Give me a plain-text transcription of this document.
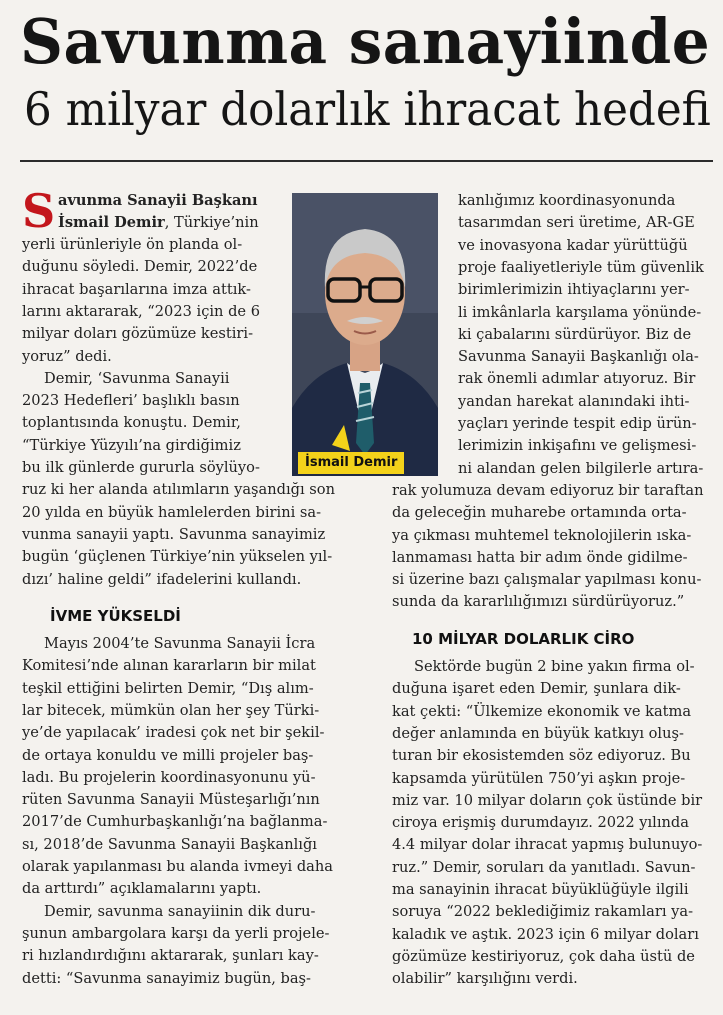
Savunma sanayiinde
6 milyar dolarlık ihracat hedefi
S avunma Sanayii Başkanı
İsmail Demir, Türkiye’nin
yerli ürünleriyle ön planda ol-
duğunu söyledi. Demir, 2022’de
ihracat başarılarına imza attık-
larını aktararak, “2023 için de 6
milyar doları gözümüze kestiri-
yoruz” dedi.
Demir, ‘Savunma Sanayii
2023 Hedefleri’ başlıklı basın
toplantısında konuştu. Demir,
“Türkiye Yüzyılı’na girdiğimiz
bu ilk günlerde gururla söylüyo-
ruz ki her alanda atılımların yaşandığı son
20 yılda en büyük hamlelerden birini sa-
vunma sanayii yaptı. Savunma sanayimiz
bugün ‘güçlenen Türkiye’nin yükselen yıl-
dızı’ haline geldi” ifadelerini kullandı.
İVME YÜKSELDİ
Mayıs 2004’te Savunma Sanayii İcra
Komitesi’nde alınan kararların bir milat
teşkil ettiğini belirten Demir, “Dış alım-
lar bitecek, mümkün olan her şey Türki-
ye’de yapılacak’ iradesi çok net bir şekil-
de ortaya konuldu ve milli projeler baş-
ladı. Bu projelerin koordinasyonunu yü-
rüten Savunma Sanayii Müsteşarlığı’nın
2017’de Cumhurbaşkanlığı’na bağlanma-
sı, 2018’de Savunma Sanayii Başkanlığı
olarak yapılanması bu alanda ivmeyi daha
da arttırdı” açıklamalarını yaptı.
Demir, savunma sanayiinin dik duru-
şunun ambargolara karşı da yerli projele-
ri hızlandırdığını aktararak, şunları kay-
detti: “Savunma sanayimiz bugün, baş-
İsmail Demir
kanlığımız koordinasyonunda
tasarımdan seri üretime, AR-GE
ve inovasyona kadar yürüttüğü
proje faaliyetleriyle tüm güvenlik
birimlerimizin ihtiyaçlarını yer-
li imkânlarla karşılama yönünde-
ki çabalarını sürdürüyor. Biz de
Savunma Sanayii Başkanlığı ola-
rak önemli adımlar atıyoruz. Bir
yandan harekat alanındaki ihti-
yaçları yerinde tespit edip ürün-
lerimizin inkişafını ve gelişmesi-
ni alandan gelen bilgilerle artıra-
rak yolumuza devam ediyoruz bir taraftan
da geleceğin muharebe ortamında orta-
ya çıkması muhtemel teknolojilerin ıska-
lanmaması hatta bir adım önde gidilme-
si üzerine bazı çalışmalar yapılması konu-
sunda da kararlılığımızı sürdürüyoruz.”
10 MİLYAR DOLARLIK CİRO
Sektörde bugün 2 bine yakın firma ol-
duğuna işaret eden Demir, şunlara dik-
kat çekti: “Ülkemize ekonomik ve katma
değer anlamında en büyük katkıyı oluş-
turan bir ekosistemden söz ediyoruz. Bu
kapsamda yürütülen 750’yi aşkın proje-
miz var. 10 milyar doların çok üstünde bir
ciroya erişmiş durumdayız. 2022 yılında
4.4 milyar dolar ihracat yapmış bulunuyo-
ruz.” Demir, soruları da yanıtladı. Savun-
ma sanayinin ihracat büyüklüğüyle ilgili
soruya “2022 beklediğimiz rakamları ya-
kaladık ve aştık. 2023 için 6 milyar doları
gözümüze kestiriyoruz, çok daha üstü de
olabilir” karşılığını verdi.
